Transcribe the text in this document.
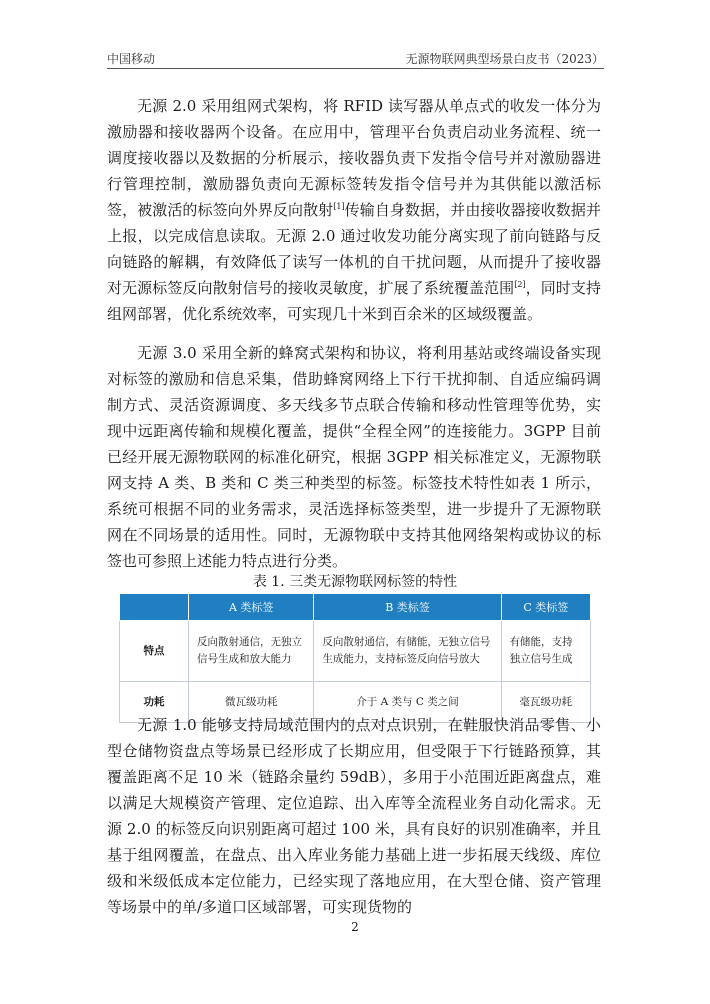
中国移动	无源物联网典型场景白皮书（2023）

无源 2.0 采用组网式架构，将 RFID 读写器从单点式的收发一体分为激励器和接收器两个设备。在应用中，管理平台负责启动业务流程、统一调度接收器以及数据的分析展示，接收器负责下发指令信号并对激励器进行管理控制，激励器负责向无源标签转发指令信号并为其供能以激活标签，被激活的标签向外界反向散射[1]传输自身数据，并由接收器接收数据并上报，以完成信息读取。无源 2.0 通过收发功能分离实现了前向链路与反向链路的解耦，有效降低了读写一体机的自干扰问题，从而提升了接收器对无源标签反向散射信号的接收灵敏度，扩展了系统覆盖范围[2]，同时支持组网部署，优化系统效率，可实现几十米到百余米的区域级覆盖。

无源 3.0 采用全新的蜂窝式架构和协议，将利用基站或终端设备实现对标签的激励和信息采集，借助蜂窝网络上下行干扰抑制、自适应编码调制方式、灵活资源调度、多天线多节点联合传输和移动性管理等优势，实现中远距离传输和规模化覆盖，提供“全程全网”的连接能力。3GPP 目前已经开展无源物联网的标准化研究，根据 3GPP 相关标准定义，无源物联网支持 A 类、B 类和 C 类三种类型的标签。标签技术特性如表 1 所示，系统可根据不同的业务需求，灵活选择标签类型，进一步提升了无源物联网在不同场景的适用性。同时，无源物联中支持其他网络架构或协议的标签也可参照上述能力特点进行分类。

表 1. 三类无源物联网标签的特性
	A 类标签	B 类标签	C 类标签
特点	反向散射通信，无独立信号生成和放大能力	反向散射通信，有储能，无独立信号生成能力，支持标签反向信号放大	有储能，支持独立信号生成
功耗	微瓦级功耗	介于 A 类与 C 类之间	毫瓦级功耗

无源 1.0 能够支持局域范围内的点对点识别，在鞋服快消品零售、小型仓储物资盘点等场景已经形成了长期应用，但受限于下行链路预算，其覆盖距离不足 10 米（链路余量约 59dB），多用于小范围近距离盘点，难以满足大规模资产管理、定位追踪、出入库等全流程业务自动化需求。无源 2.0 的标签反向识别距离可超过 100 米，具有良好的识别准确率，并且基于组网覆盖，在盘点、出入库业务能力基础上进一步拓展天线级、库位级和米级低成本定位能力，已经实现了落地应用，在大型仓储、资产管理等场景中的单/多道口区域部署，可实现货物的

2
